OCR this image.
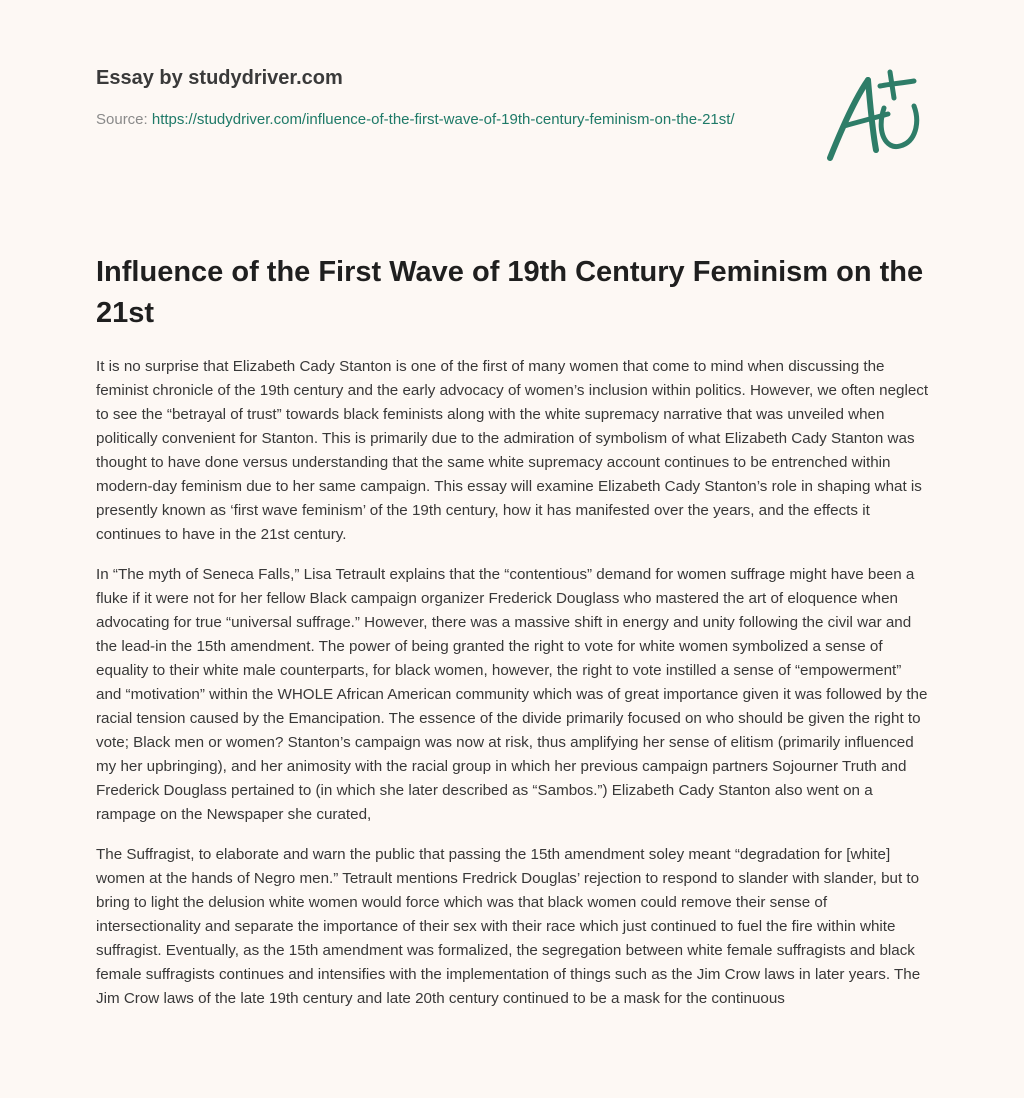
Essay by studydriver.com
Source: https://studydriver.com/influence-of-the-first-wave-of-19th-century-feminism-on-the-21st/
Influence of the First Wave of 19th Century Feminism on the 21st

It is no surprise that Elizabeth Cady Stanton is one of the first of many women that come to mind when discussing the feminist chronicle of the 19th century and the early advocacy of women’s inclusion within politics. However, we often neglect to see the “betrayal of trust” towards black feminists along with the white supremacy narrative that was unveiled when politically convenient for Stanton. This is primarily due to the admiration of symbolism of what Elizabeth Cady Stanton was thought to have done versus understanding that the same white supremacy account continues to be entrenched within modern-day feminism due to her same campaign. This essay will examine Elizabeth Cady Stanton’s role in shaping what is presently known as ‘first wave feminism’ of the 19th century, how it has manifested over the years, and the effects it continues to have in the 21st century.

In “The myth of Seneca Falls,” Lisa Tetrault explains that the “contentious” demand for women suffrage might have been a fluke if it were not for her fellow Black campaign organizer Frederick Douglass who mastered the art of eloquence when advocating for true “universal suffrage.” However, there was a massive shift in energy and unity following the civil war and the lead-in the 15th amendment. The power of being granted the right to vote for white women symbolized a sense of equality to their white male counterparts, for black women, however, the right to vote instilled a sense of “empowerment” and “motivation” within the WHOLE African American community which was of great importance given it was followed by the racial tension caused by the Emancipation. The essence of the divide primarily focused on who should be given the right to vote; Black men or women? Stanton’s campaign was now at risk, thus amplifying her sense of elitism (primarily influenced my her upbringing), and her animosity with the racial group in which her previous campaign partners Sojourner Truth and Frederick Douglass pertained to (in which she later described as “Sambos.”) Elizabeth Cady Stanton also went on a rampage on the Newspaper she curated,

The Suffragist, to elaborate and warn the public that passing the 15th amendment soley meant “degradation for [white] women at the hands of Negro men.” Tetrault mentions Fredrick Douglas’ rejection to respond to slander with slander, but to bring to light the delusion white women would force which was that black women could remove their sense of intersectionality and separate the importance of their sex with their race which just continued to fuel the fire within white suffragist. Eventually, as the 15th amendment was formalized, the segregation between white female suffragists and black female suffragists continues and intensifies with the implementation of things such as the Jim Crow laws in later years. The Jim Crow laws of the late 19th century and late 20th century continued to be a mask for the continuous
